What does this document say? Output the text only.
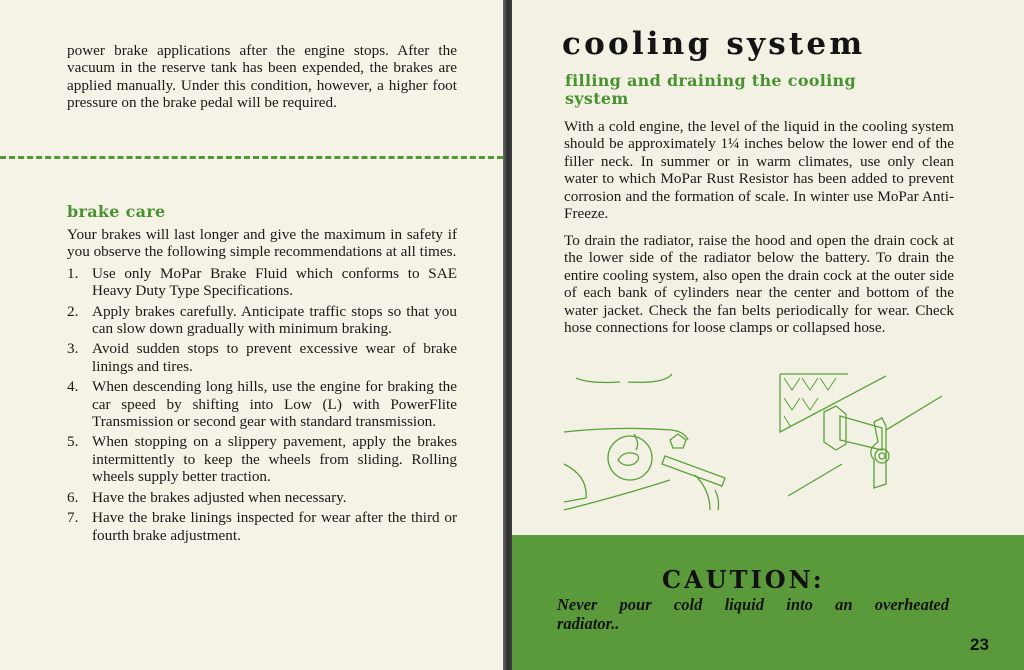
power brake applications after the engine stops. After the vacuum in the reserve tank has been expended, the brakes are applied manually. Under this condition, however, a higher foot pressure on the brake pedal will be required.
brake care
Your brakes will last longer and give the maximum in safety if you observe the following simple recommendations at all times.
1. Use only MoPar Brake Fluid which conforms to SAE Heavy Duty Type Specifications.
2. Apply brakes carefully. Anticipate traffic stops so that you can slow down gradually with minimum braking.
3. Avoid sudden stops to prevent excessive wear of brake linings and tires.
4. When descending long hills, use the engine for braking the car speed by shifting into Low (L) with PowerFlite Transmission or second gear with standard transmission.
5. When stopping on a slippery pavement, apply the brakes intermittently to keep the wheels from sliding. Rolling wheels supply better traction.
6. Have the brakes adjusted when necessary.
7. Have the brake linings inspected for wear after the third or fourth brake adjustment.
cooling system
filling and draining the cooling system
With a cold engine, the level of the liquid in the cooling system should be approximately 1¼ inches below the lower end of the filler neck. In summer or in warm climates, use only clean water to which MoPar Rust Resistor has been added to prevent corrosion and the formation of scale. In winter use MoPar Anti-Freeze.
To drain the radiator, raise the hood and open the drain cock at the lower side of the radiator below the battery. To drain the entire cooling system, also open the drain cock at the outer side of each bank of cylinders near the center and bottom of the water jacket. Check the fan belts periodically for wear. Check hose connections for loose clamps or collapsed hose.
CAUTION:
Never pour cold liquid into an overheated
radiator..
23
